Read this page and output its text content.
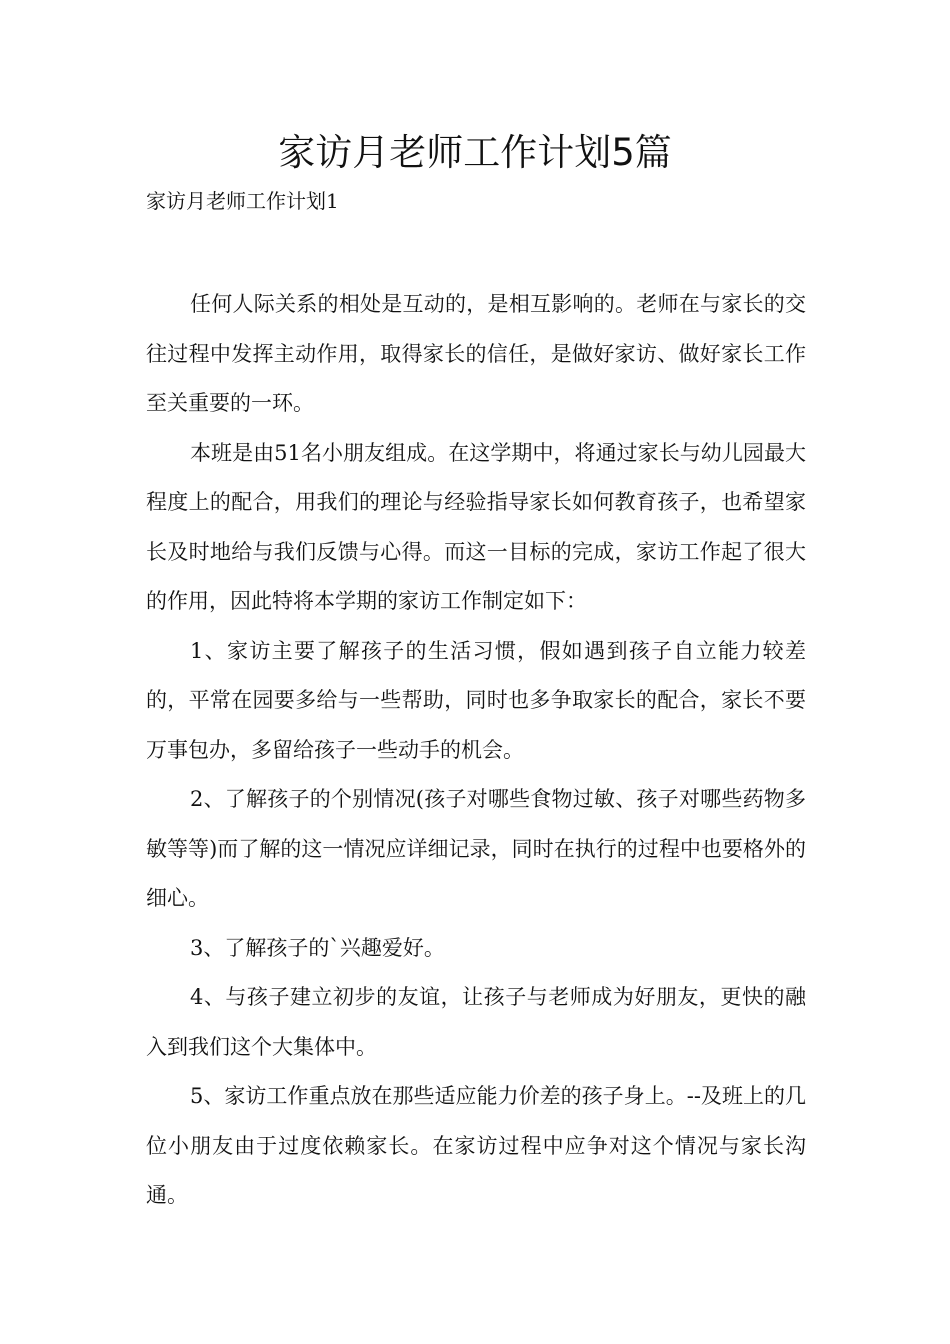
家访月老师工作计划5篇
家访月老师工作计划1

任何人际关系的相处是互动的，是相互影响的。老师在与家长的交往过程中发挥主动作用，取得家长的信任，是做好家访、做好家长工作至关重要的一环。

本班是由51名小朋友组成。在这学期中，将通过家长与幼儿园最大程度上的配合，用我们的理论与经验指导家长如何教育孩子，也希望家长及时地给与我们反馈与心得。而这一目标的完成，家访工作起了很大的作用，因此特将本学期的家访工作制定如下：

1、家访主要了解孩子的生活习惯，假如遇到孩子自立能力较差的，平常在园要多给与一些帮助，同时也多争取家长的配合，家长不要万事包办，多留给孩子一些动手的机会。

2、了解孩子的个别情况(孩子对哪些食物过敏、孩子对哪些药物多敏等等)而了解的这一情况应详细记录，同时在执行的过程中也要格外的细心。

3、了解孩子的`兴趣爱好。

4、与孩子建立初步的友谊，让孩子与老师成为好朋友，更快的融入到我们这个大集体中。

5、家访工作重点放在那些适应能力价差的孩子身上。--及班上的几位小朋友由于过度依赖家长。在家访过程中应争对这个情况与家长沟通。
